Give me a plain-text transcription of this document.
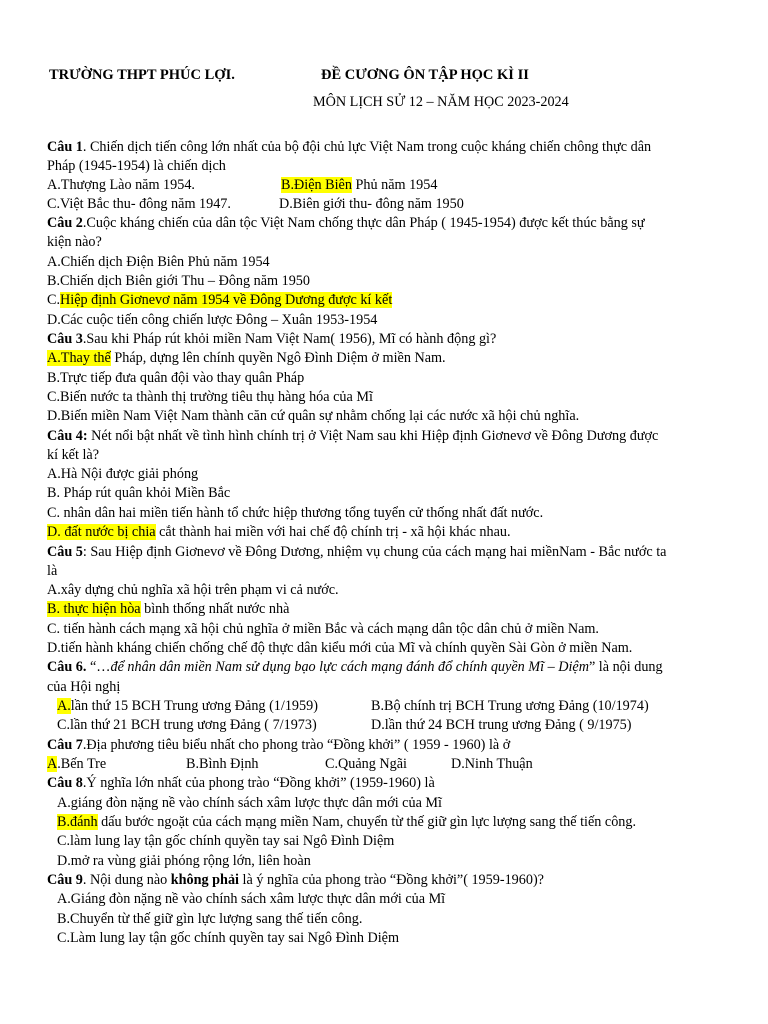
TRƯỜNG THPT PHÚC LỢI.	ĐỀ CƯƠNG ÔN TẬP HỌC KÌ II
MÔN LỊCH SỬ 12 – NĂM HỌC 2023-2024
Câu 1. Chiến dịch tiến công lớn nhất của bộ đội chủ lực Việt Nam trong cuộc kháng chiến chông thực dân
Pháp (1945-1954) là chiến dịch
A.Thượng Lào năm 1954.	B.Điện Biên Phủ năm 1954
C.Việt Bắc thu- đông năm 1947.	D.Biên giới thu- đông năm 1950
Câu 2.Cuộc kháng chiến của dân tộc Việt Nam chống thực dân Pháp ( 1945-1954) được kết thúc bằng sự
kiện nào?
A.Chiến dịch Điện Biên Phủ năm 1954
B.Chiến dịch Biên giới Thu – Đông năm 1950
C.Hiệp định Giơnevơ năm 1954 về Đông Dương được kí kết
D.Các cuộc tiến công chiến lược Đông – Xuân 1953-1954
Câu 3.Sau khi Pháp rút khỏi miền Nam Việt Nam( 1956), Mĩ có hành động gì?
A.Thay thế Pháp, dựng lên chính quyền Ngô Đình Diệm ở miền Nam.
B.Trực tiếp đưa quân đội vào thay quân Pháp
C.Biến nước ta thành thị trường tiêu thụ hàng hóa của Mĩ
D.Biến miền Nam Việt Nam thành căn cứ quân sự nhằm chống lại các nước xã hội chủ nghĩa.
Câu 4: Nét nổi bật nhất về tình hình chính trị ở Việt Nam sau khi Hiệp định Giơnevơ về Đông Dương được
kí kết là?
A.Hà Nội được giải phóng
B. Pháp rút quân khỏi Miền Bắc
C. nhân dân hai miền tiến hành tổ chức hiệp thương tổng tuyển cử thống nhất đất nước.
D. đất nước bị chia cắt thành hai miền với hai chế độ chính trị - xã hội khác nhau.
Câu 5: Sau Hiệp định Giơnevơ về Đông Dương, nhiệm vụ chung của cách mạng hai miềnNam - Bắc nước ta
là
A.xây dựng chủ nghĩa xã hội trên phạm vi cả nước.
B. thực hiện hòa bình thống nhất nước nhà
C. tiến hành cách mạng xã hội chủ nghĩa ở miền Bắc và cách mạng dân tộc dân chủ ở miền Nam.
D.tiến hành kháng chiến chống chế độ thực dân kiểu mới của Mĩ và chính quyền Sài Gòn ở miền Nam.
Câu 6. “…để nhân dân miền Nam sử dụng bạo lực cách mạng đánh đổ chính quyền Mĩ – Diệm” là nội dung
của Hội nghị
A.lần thứ 15 BCH Trung ương Đảng (1/1959)	B.Bộ chính trị BCH Trung ương Đảng (10/1974)
C.lần thứ 21 BCH trung ương Đảng ( 7/1973)	D.lần thứ 24 BCH trung ương Đảng ( 9/1975)
Câu 7.Địa phương tiêu biểu nhất cho phong trào “Đồng khởi” ( 1959 - 1960) là ở
A.Bến Tre	B.Bình Định	C.Quảng Ngãi	D.Ninh Thuận
Câu 8.Ý nghĩa lớn nhất của phong trào “Đồng khởi” (1959-1960) là
A.giáng đòn nặng nề vào chính sách xâm lược thực dân mới của Mĩ
B.đánh dấu bước ngoặt của cách mạng miền Nam, chuyển từ thế giữ gìn lực lượng sang thế tiến công.
C.làm lung lay tận gốc chính quyền tay sai Ngô Đình Diệm
D.mở ra vùng giải phóng rộng lớn, liên hoàn
Câu 9. Nội dung nào không phải là ý nghĩa của phong trào “Đồng khởi”( 1959-1960)?
A.Giáng đòn nặng nề vào chính sách xâm lược thực dân mới của Mĩ
B.Chuyển từ thế giữ gìn lực lượng sang thế tiến công.
C.Làm lung lay tận gốc chính quyền tay sai Ngô Đình Diệm
